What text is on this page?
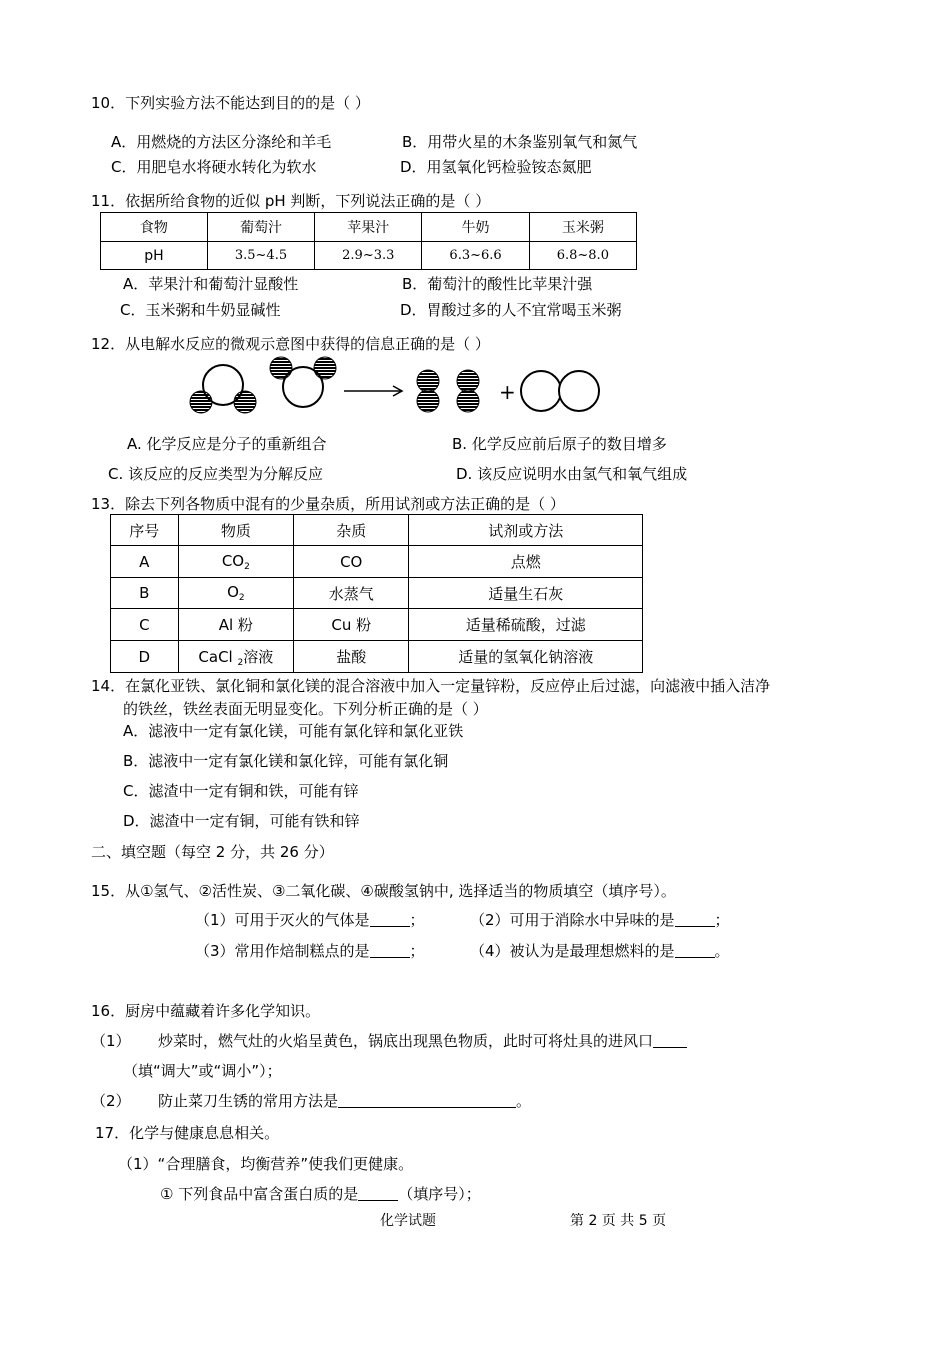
10．下列实验方法不能达到目的的是（ ）
A．用燃烧的方法区分涤纶和羊毛	B．用带火星的木条鉴别氧气和氮气
C．用肥皂水将硬水转化为软水	D．用氢氧化钙检验铵态氮肥
11．依据所给食物的近似 pH 判断，下列说法正确的是（ ）
食物	葡萄汁	苹果汁	牛奶	玉米粥
pH	3.5~4.5	2.9~3.3	6.3~6.6	6.8~8.0
A．苹果汁和葡萄汁显酸性	B．葡萄汁的酸性比苹果汁强
C．玉米粥和牛奶显碱性	D．胃酸过多的人不宜常喝玉米粥
12．从电解水反应的微观示意图中获得的信息正确的是（ ）
+
A. 化学反应是分子的重新组合	B. 化学反应前后原子的数目增多
C. 该反应的反应类型为分解反应	D. 该反应说明水由氢气和氧气组成
13．除去下列各物质中混有的少量杂质，所用试剂或方法正确的是（ ）
序号	物质	杂质	试剂或方法
A	$CO_2$	CO	点燃
B	$O_2$	水蒸气	适量生石灰
C	Al 粉	Cu 粉	适量稀硫酸，过滤
D	CaCl $_2$溶液	盐酸	适量的氢氧化钠溶液
14．在氯化亚铁、氯化铜和氯化镁的混合溶液中加入一定量锌粉，反应停止后过滤，向滤液中插入洁净
的铁丝，铁丝表面无明显变化。下列分析正确的是（ ）
A．滤液中一定有氯化镁，可能有氯化锌和氯化亚铁
B．滤液中一定有氯化镁和氯化锌，可能有氯化铜
C．滤渣中一定有铜和铁，可能有锌
D．滤渣中一定有铜，可能有铁和锌
二、填空题（每空 2 分，共 26 分）
15．从①氢气、②活性炭、③二氧化碳、④碳酸氢钠中, 选择适当的物质填空（填序号）。
（1）可用于灭火的气体是	；	（2）可用于消除水中异味的是	；
（3）常用作焙制糕点的是	；	（4）被认为是最理想燃料的是	。
16．厨房中蕴藏着许多化学知识。
（1） 炒菜时，燃气灶的火焰呈黄色，锅底出现黑色物质，此时可将灶具的进风口
（填“调大”或“调小”）；
（2） 防止菜刀生锈的常用方法是	。
17．化学与健康息息相关。
（1）“合理膳食，均衡营养”使我们更健康。
① 下列食品中富含蛋白质的是	（填序号）；
化学试题	第 2 页 共 5 页
